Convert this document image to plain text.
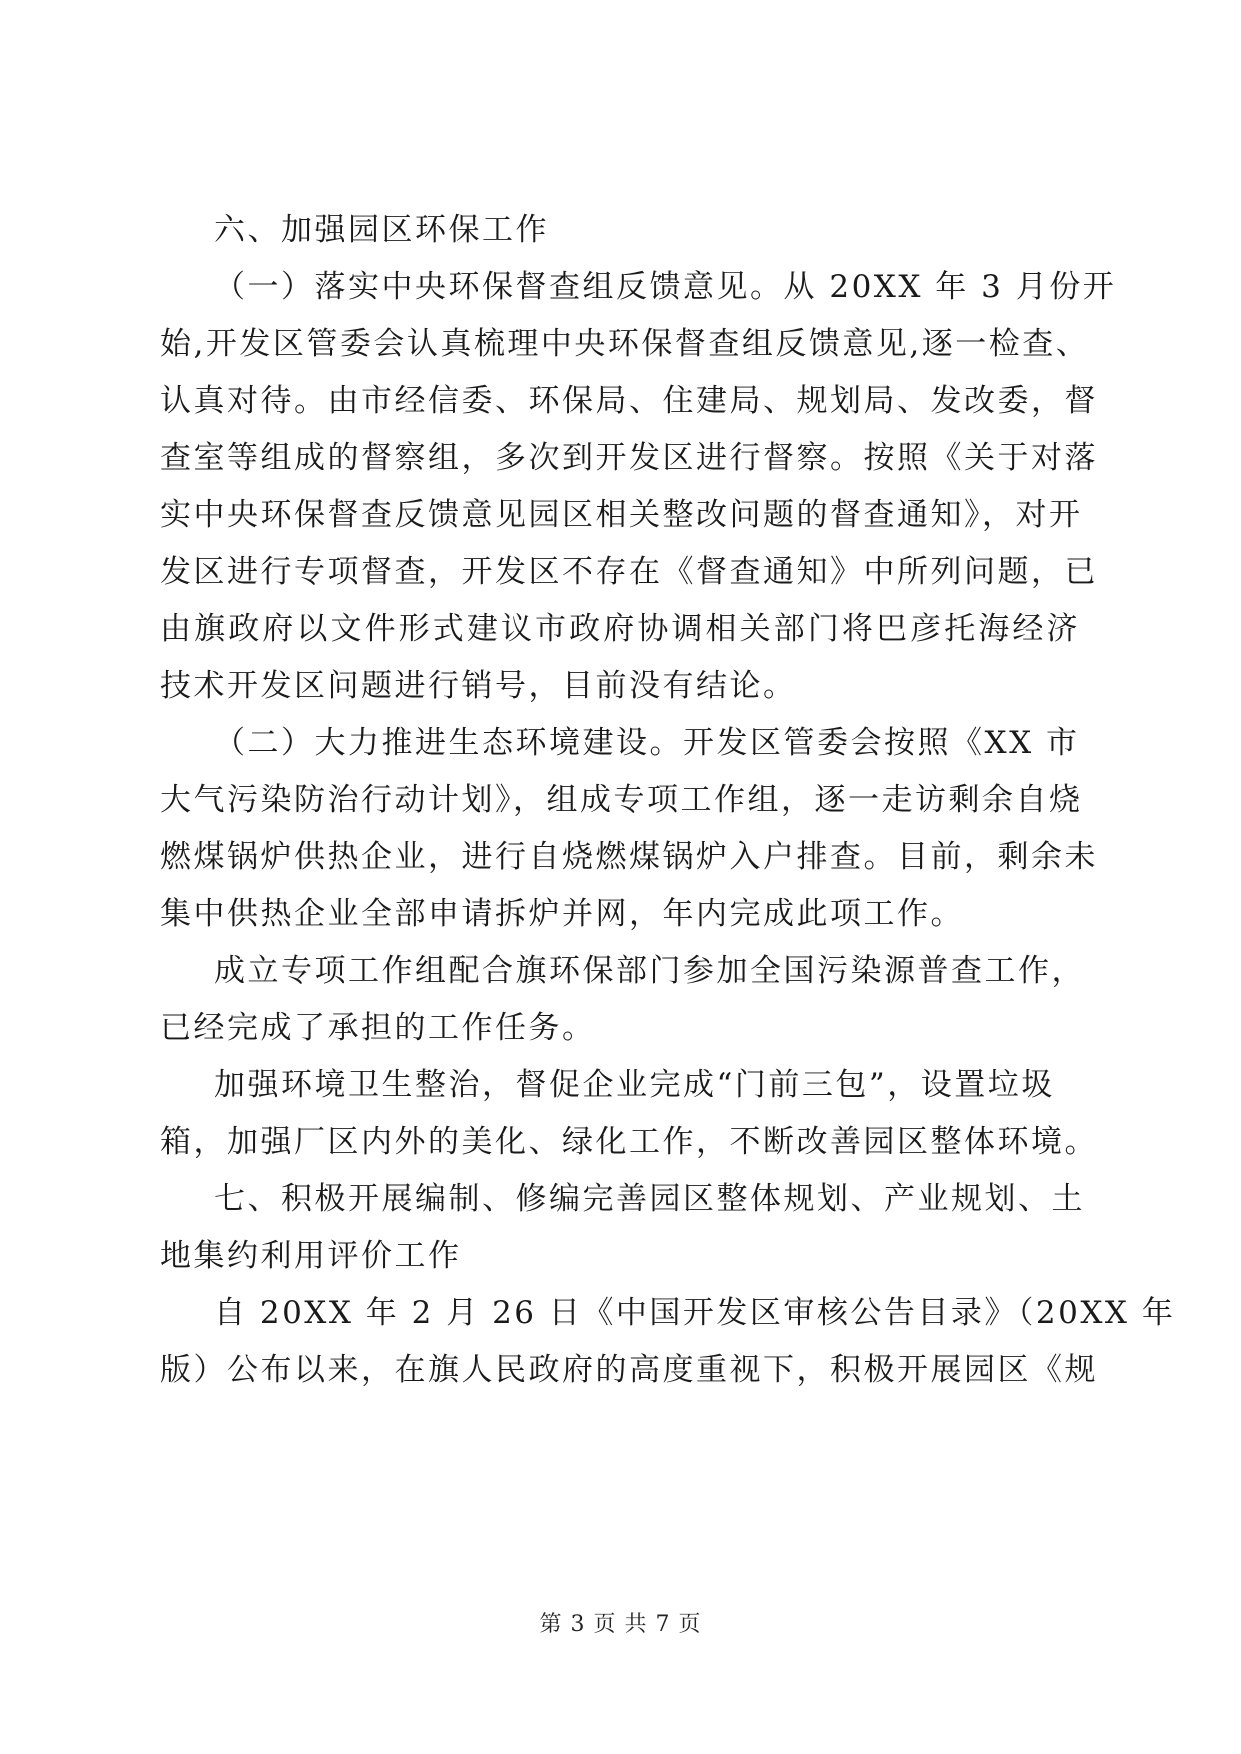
六、加强园区环保工作
（一）落实中央环保督查组反馈意见。从 20XX 年 3 月份开
始,开发区管委会认真梳理中央环保督查组反馈意见,逐一检查、
认真对待。由市经信委、环保局、住建局、规划局、发改委，督
查室等组成的督察组，多次到开发区进行督察。按照《关于对落
实中央环保督查反馈意见园区相关整改问题的督查通知》，对开
发区进行专项督查，开发区不存在《督查通知》中所列问题，已
由旗政府以文件形式建议市政府协调相关部门将巴彦托海经济
技术开发区问题进行销号，目前没有结论。
（二）大力推进生态环境建设。开发区管委会按照《XX 市
大气污染防治行动计划》，组成专项工作组，逐一走访剩余自烧
燃煤锅炉供热企业，进行自烧燃煤锅炉入户排查。目前，剩余未
集中供热企业全部申请拆炉并网，年内完成此项工作。
成立专项工作组配合旗环保部门参加全国污染源普查工作，
已经完成了承担的工作任务。
加强环境卫生整治，督促企业完成“门前三包”，设置垃圾
箱，加强厂区内外的美化、绿化工作，不断改善园区整体环境。
七、积极开展编制、修编完善园区整体规划、产业规划、土
地集约利用评价工作
自 20XX 年 2 月 26 日《中国开发区审核公告目录》（20XX 年
版）公布以来，在旗人民政府的高度重视下，积极开展园区《规
第 3 页 共 7 页
